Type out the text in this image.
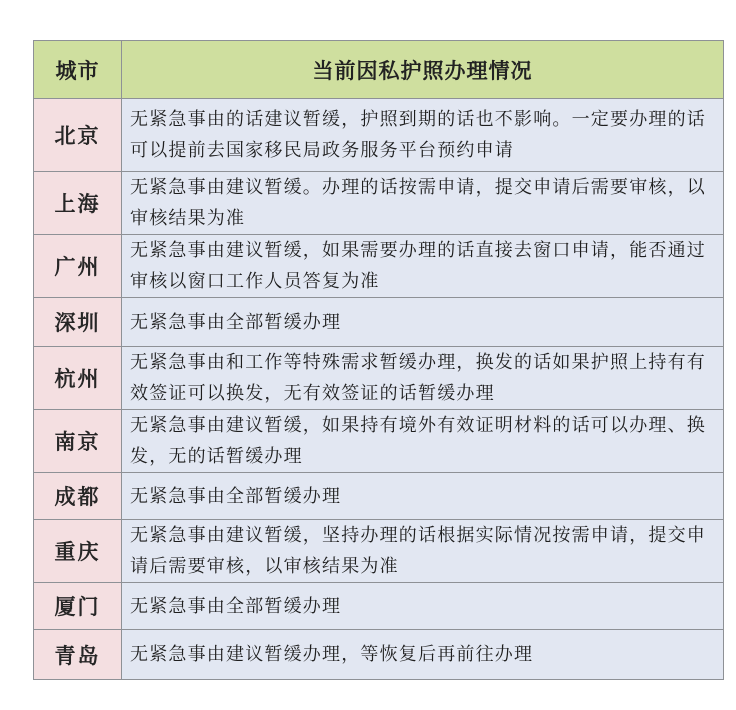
城市	当前因私护照办理情况
北京	无紧急事由的话建议暂缓，护照到期的话也不影响。一定要办理的话可以提前去国家移民局政务服务平台预约申请
上海	无紧急事由建议暂缓。办理的话按需申请，提交申请后需要审核，以审核结果为准
广州	无紧急事由建议暂缓，如果需要办理的话直接去窗口申请，能否通过审核以窗口工作人员答复为准
深圳	无紧急事由全部暂缓办理
杭州	无紧急事由和工作等特殊需求暂缓办理，换发的话如果护照上持有有效签证可以换发，无有效签证的话暂缓办理
南京	无紧急事由建议暂缓，如果持有境外有效证明材料的话可以办理、换发，无的话暂缓办理
成都	无紧急事由全部暂缓办理
重庆	无紧急事由建议暂缓，坚持办理的话根据实际情况按需申请，提交申请后需要审核，以审核结果为准
厦门	无紧急事由全部暂缓办理
青岛	无紧急事由建议暂缓办理，等恢复后再前往办理
